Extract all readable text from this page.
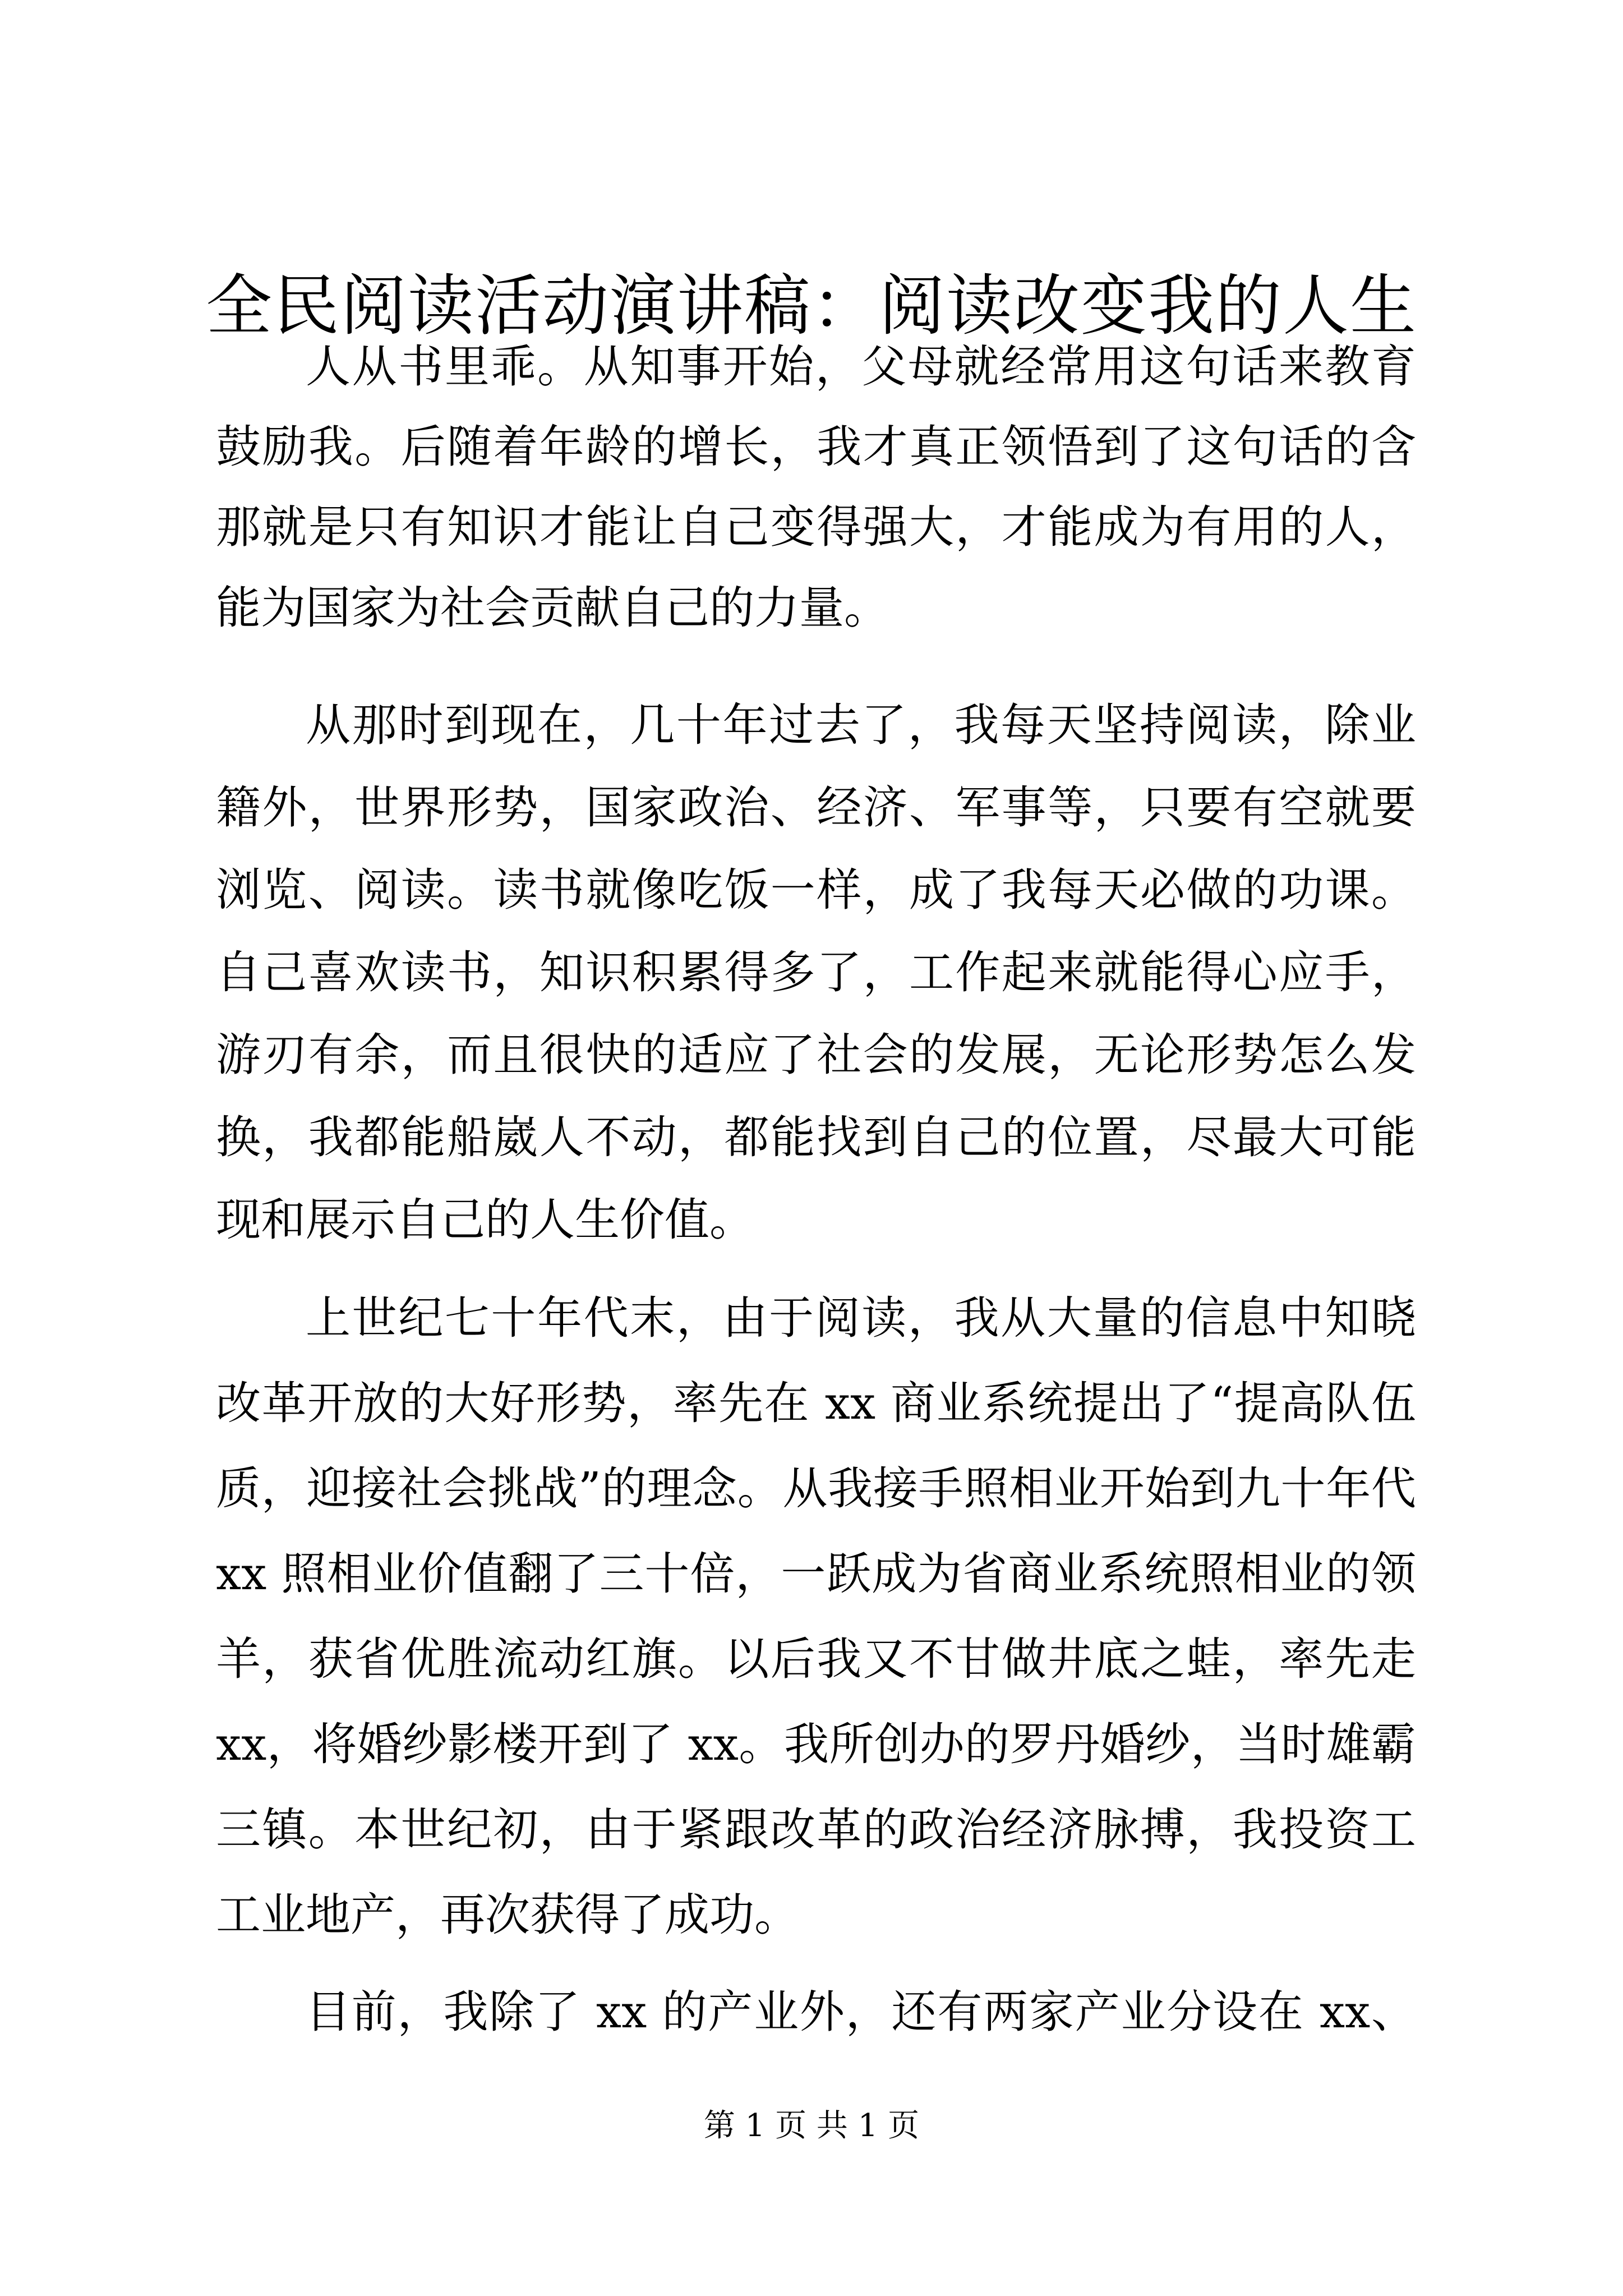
全民阅读活动演讲稿：阅读改变我的人生
人从书里乖。从知事开始，父母就经常用这句话来教育
鼓励我。后随着年龄的增长，我才真正领悟到了这句话的含
那就是只有知识才能让自己变得强大，才能成为有用的人，
能为国家为社会贡献自己的力量。
从那时到现在，几十年过去了，我每天坚持阅读，除业
籍外，世界形势，国家政治、经济、军事等，只要有空就要
浏览、阅读。读书就像吃饭一样，成了我每天必做的功课。
自己喜欢读书，知识积累得多了，工作起来就能得心应手，
游刃有余，而且很快的适应了社会的发展，无论形势怎么发
换，我都能船崴人不动，都能找到自己的位置，尽最大可能
现和展示自己的人生价值。
上世纪七十年代末，由于阅读，我从大量的信息中知晓
改革开放的大好形势，率先在 xx 商业系统提出了“提高队伍
质，迎接社会挑战”的理念。从我接手照相业开始到九十年代
xx 照相业价值翻了三十倍，一跃成为省商业系统照相业的领
羊，获省优胜流动红旗。以后我又不甘做井底之蛙，率先走
xx，将婚纱影楼开到了 xx。我所创办的罗丹婚纱，当时雄霸
三镇。本世纪初，由于紧跟改革的政治经济脉搏，我投资工
工业地产，再次获得了成功。
目前，我除了 xx 的产业外，还有两家产业分设在 xx、
第 1 页 共 1 页
